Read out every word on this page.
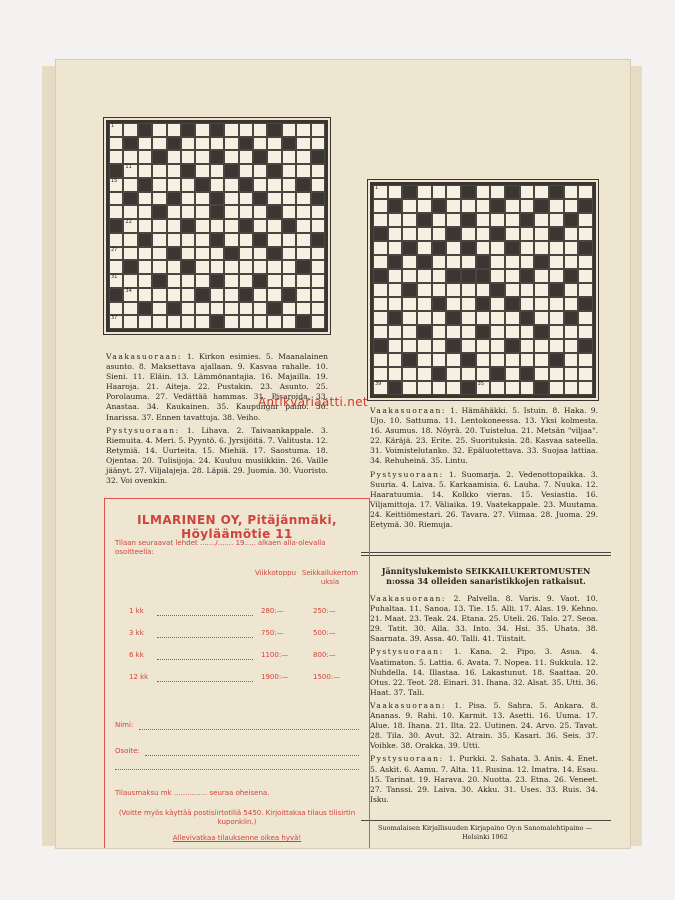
1
11
15
22
27
31
34
37

Vaakasuoraan: 1. Kirkon esimies. 5. Maanalainen asunto. 8. Maksettava ajallaan. 9. Kasvaa rahalle. 10. Sieni. 11. Eläin. 13. Lämmönantajia. 16. Majailla. 19. Haaroja. 21. Aiteja. 22. Pustakin. 23. Asunto. 25. Porolauma. 27. Vedättää hammas. 31. Pisaroida. 33. Anastaa. 34. Kaukainen. 35. Kaupungin paino. 36. Inarissa. 37. Ennen tavattuja. 38. Veiho.

Pystysuoraan: 1. Lihava. 2. Taivaankappale. 3. Riemuita. 4. Meri. 5. Pyyntö. 6. Jyrsijöitä. 7. Valitusta. 12. Retymiä. 14. Uurteita. 15. Miehiä. 17. Saostuma. 18. Ojentaa. 20. Tulisijoja. 24. Kuuluu musiikkiin. 26. Vaille jäänyt. 27. Viljalajeja. 28. Läpiä. 29. Juomia. 30. Vuoristo. 32. Voi ovenkin.

1
39	35

Vaakasuoraan: 1. Hämähäkki. 5. Istuin. 8. Haka. 9. Ujo. 10. Sattuma. 11. Lentokoneessa. 13. Yksi kolmesta. 16. Asumus. 18. Nöyrä. 20. Tuistelua. 21. Metsän "viljaa". 22. Käräjä. 23. Erite. 25. Suorituksia. 28. Kasvaa sateella. 31. Voimistelutanko. 32. Epäluotettava. 33. Suojaa lattiaa. 34. Rehuheinä. 35. Lintu.

Pystysuoraan: 1. Suomarja. 2. Vedenottopaikka. 3. Suuria. 4. Laiva. 5. Karkaamisia. 6. Lauha. 7. Nuuka. 12. Haaratuumia. 14. Kolkko vieras. 15. Vesiastia. 16. Viljamittoja. 17. Väliaika. 19. Vaatekappale. 23. Muutama. 24. Keittiömestari. 26. Tavara. 27. Viimaa. 28. Juoma. 29. Eetymä. 30. Riemuja.

Jännityslukemisto SEIKKAILUKERTOMUSTEN
n:ossa 34 olleiden sanaristikkojen ratkaisut.

Vaakasuoraan: 2. Palvella. 8. Varis. 9. Vaot. 10. Puhaltaa. 11. Sanoa. 13. Tie. 15. Alli. 17. Alas. 19. Kehno. 21. Maat. 23. Teak. 24. Etana. 25. Uteli. 26. Talo. 27. Seoa. 29. Tatit. 30. Alla. 33. Into. 34. Hsi. 35. Uhata. 38. Saarnata. 39. Assa. 40. Talli. 41. Tiistait.

Pystysuoraan: 1. Kana. 2. Pipo. 3. Asua. 4. Vaatimaton. 5. Lattia. 6. Avata. 7. Nopea. 11. Sukkula. 12. Nuhdella. 14. Illastaa. 16. Lakastunut. 18. Saattaa. 20. Otus. 22. Teot. 28. Einari. 31. Ihana. 32. Alsat. 35. Utti. 36. Haat. 37. Tali.

Vaakasuoraan: 1. Pisa. 5. Sahra. 5. Ankara. 8. Ananas. 9. Rahi. 10. Karmit. 13. Asetti. 16. Uuma. 17. Alue. 18. Ihana. 21. Ilta. 22. Uutinen. 24. Arvo. 25. Tavat. 28. Tila. 30. Avut. 32. Atrain. 35. Kasari. 36. Seis. 37. Voihke. 38. Orakka. 39. Utti.

Pystysuoraan: 1. Purkki. 2. Sahata. 3. Anis. 4. Enet. 5. Askit. 6. Aamu. 7. Alta. 11. Rusina. 12. Imatra. 14. Esau. 15. Tarinat. 19. Harava. 20. Nuotta. 23. Etna. 26. Veneet. 27. Tanssi. 29. Laiva. 30. Akku. 31. Uses. 33. Ruis. 34. Isku.

Suomalaisen Kirjallisuuden Kirjapaino Oy:n Sanomalehtipaino — Helsinki 1962
ILMARINEN OY, Pitäjänmäki, Höyläämötie 11
Tilaan seuraavat lehdet ......./....... 19..... alkaen alla-olevalla osoitteella:
Viikkotoppu Seikkailukertomuksia
1 kk	280:—	250:—
3 kk	750:—	500:—
6 kk	1100:—	800:—
12 kk	1900:—	1500:—
Nimi:
Osoite:
Tilausmaksu mk ............... seuraa oheisena.
(Voitte myös käyttää postisiirtotiliä 5450. Kirjoittakaa tilaus tilisirtin kuponkiin.)
Allevivatkaa tilauksenne oikea hyvä!
Antikvariaatti.net
